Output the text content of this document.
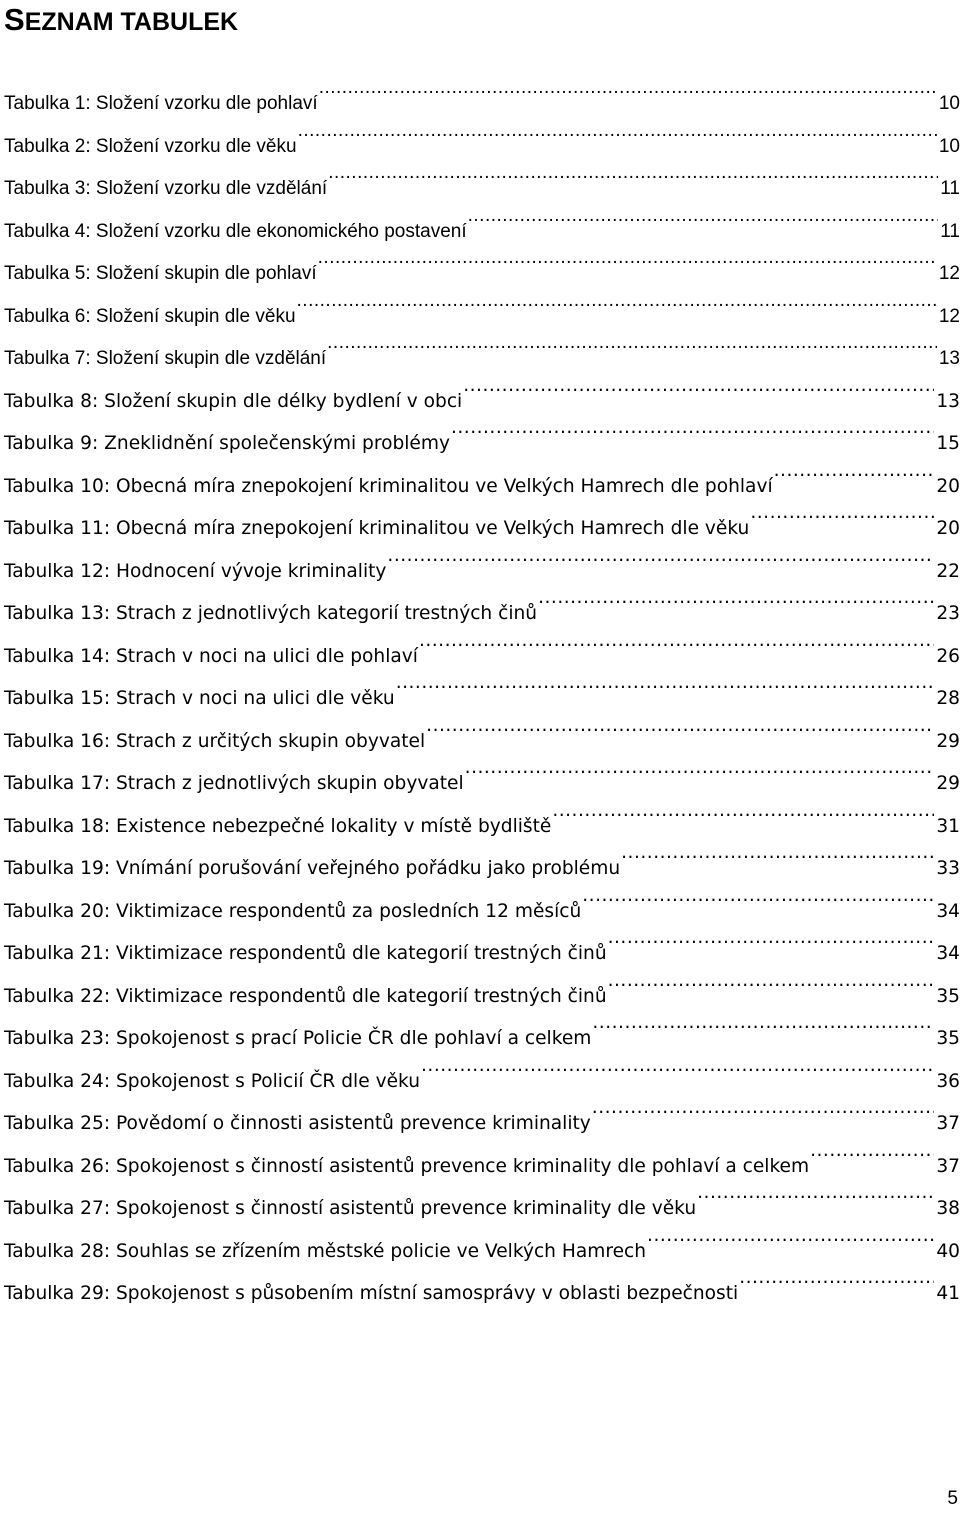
SEZNAM TABULEK
Tabulka 1: Složení vzorku dle pohlaví .....	10
Tabulka 2: Složení vzorku dle věku .....	10
Tabulka 3: Složení vzorku dle vzdělání .....	11
Tabulka 4: Složení vzorku dle ekonomického postavení .....	11
Tabulka 5: Složení skupin dle pohlaví .....	12
Tabulka 6: Složení skupin dle věku .....	12
Tabulka 7: Složení skupin dle vzdělání .....	13
Tabulka 8: Složení skupin dle délky bydlení v obci .....	13
Tabulka 9: Zneklidnění společenskými problémy .....	15
Tabulka 10: Obecná míra znepokojení kriminalitou ve Velkých Hamrech dle pohlaví .....	20
Tabulka 11: Obecná míra znepokojení kriminalitou ve Velkých Hamrech dle věku .....	20
Tabulka 12: Hodnocení vývoje kriminality .....	22
Tabulka 13: Strach z jednotlivých kategorií trestných činů .....	23
Tabulka 14: Strach v noci na ulici dle pohlaví .....	26
Tabulka 15: Strach v noci na ulici dle věku .....	28
Tabulka 16: Strach z určitých skupin obyvatel .....	29
Tabulka 17: Strach z jednotlivých skupin obyvatel .....	29
Tabulka 18: Existence nebezpečné lokality v místě bydliště .....	31
Tabulka 19: Vnímání porušování veřejného pořádku jako problému .....	33
Tabulka 20: Viktimizace respondentů za posledních 12 měsíců .....	34
Tabulka 21: Viktimizace respondentů dle kategorií trestných činů .....	34
Tabulka 22: Viktimizace respondentů dle kategorií trestných činů .....	35
Tabulka 23: Spokojenost s prací Policie ČR dle pohlaví a celkem .....	35
Tabulka 24: Spokojenost s Policií ČR dle věku .....	36
Tabulka 25: Povědomí o činnosti asistentů prevence kriminality .....	37
Tabulka 26: Spokojenost s činností asistentů prevence kriminality dle pohlaví a celkem .....	37
Tabulka 27: Spokojenost s činností asistentů prevence kriminality dle věku .....	38
Tabulka 28: Souhlas se zřízením městské policie ve Velkých Hamrech .....	40
Tabulka 29: Spokojenost s působením místní samosprávy v oblasti bezpečnosti .....	41
5
